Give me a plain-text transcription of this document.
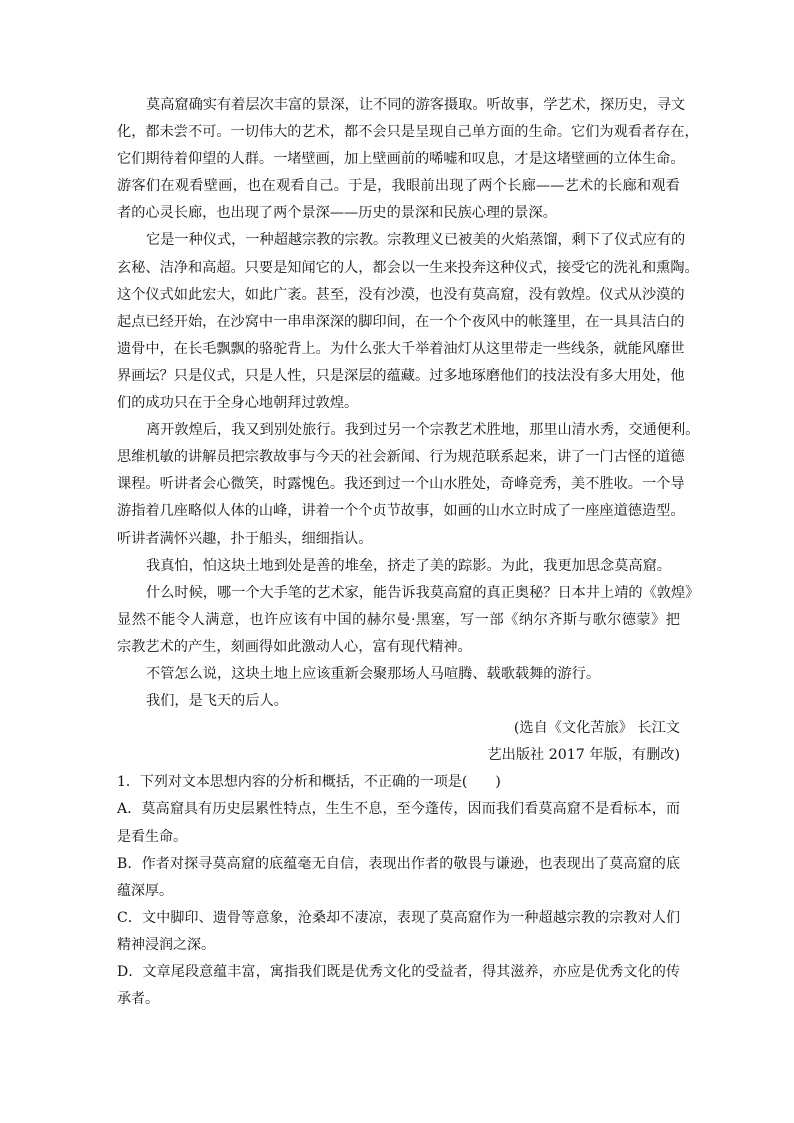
莫高窟确实有着层次丰富的景深，让不同的游客摄取。听故事，学艺术，探历史，寻文
化，都未尝不可。一切伟大的艺术，都不会只是呈现自己单方面的生命。它们为观看者存在，
它们期待着仰望的人群。一堵壁画，加上壁画前的唏嘘和叹息，才是这堵壁画的立体生命。
游客们在观看壁画，也在观看自己。于是，我眼前出现了两个长廊——艺术的长廊和观看
者的心灵长廊，也出现了两个景深——历史的景深和民族心理的景深。
它是一种仪式，一种超越宗教的宗教。宗教理义已被美的火焰蒸馏，剩下了仪式应有的
玄秘、洁净和高超。只要是知闻它的人，都会以一生来投奔这种仪式，接受它的洗礼和熏陶。
这个仪式如此宏大，如此广袤。甚至，没有沙漠，也没有莫高窟，没有敦煌。仪式从沙漠的
起点已经开始，在沙窝中一串串深深的脚印间，在一个个夜风中的帐篷里，在一具具洁白的
遗骨中，在长毛飘飘的骆驼背上。为什么张大千举着油灯从这里带走一些线条，就能风靡世
界画坛？只是仪式，只是人性，只是深层的蕴藏。过多地琢磨他们的技法没有多大用处，他
们的成功只在于全身心地朝拜过敦煌。
离开敦煌后，我又到别处旅行。我到过另一个宗教艺术胜地，那里山清水秀，交通便利。
思维机敏的讲解员把宗教故事与今天的社会新闻、行为规范联系起来，讲了一门古怪的道德
课程。听讲者会心微笑，时露愧色。我还到过一个山水胜处，奇峰竞秀，美不胜收。一个导
游指着几座略似人体的山峰，讲着一个个贞节故事，如画的山水立时成了一座座道德造型。
听讲者满怀兴趣，扑于船头，细细指认。
我真怕，怕这块土地到处是善的堆垒，挤走了美的踪影。为此，我更加思念莫高窟。
什么时候，哪一个大手笔的艺术家，能告诉我莫高窟的真正奥秘？日本井上靖的《敦煌》
显然不能令人满意，也许应该有中国的赫尔曼·黑塞，写一部《纳尔齐斯与歌尔德蒙》把
宗教艺术的产生，刻画得如此激动人心，富有现代精神。
不管怎么说，这块土地上应该重新会聚那场人马喧腾、载歌载舞的游行。
我们，是飞天的后人。
(选自《文化苦旅》 长江文
艺出版社 2017 年版，有删改)
1．下列对文本思想内容的分析和概括，不正确的一项是(　　)
A．莫高窟具有历史层累性特点，生生不息，至今蓬传，因而我们看莫高窟不是看标本，而
是看生命。
B．作者对探寻莫高窟的底蕴毫无自信，表现出作者的敬畏与谦逊，也表现出了莫高窟的底
蕴深厚。
C．文中脚印、遗骨等意象，沧桑却不凄凉，表现了莫高窟作为一种超越宗教的宗教对人们
精神浸润之深。
D．文章尾段意蕴丰富，寓指我们既是优秀文化的受益者，得其滋养，亦应是优秀文化的传
承者。
